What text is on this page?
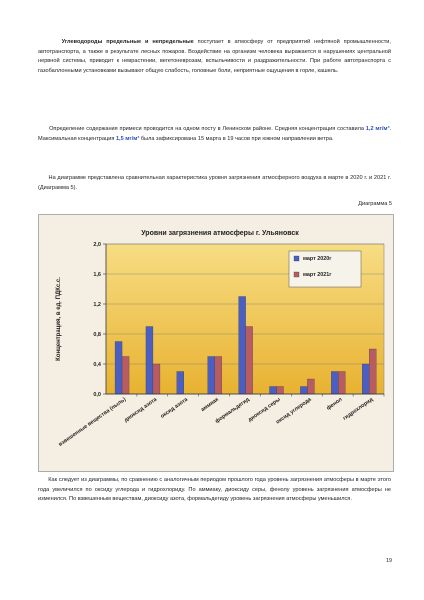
Углеводороды предельные и непредельные поступает в атмосферу от предприятий нефтяной промышленности, автотранспорта, а также в результате лесных пожаров. Воздействие на организм человека выражается в нарушениях центральной нервной системы, приводит к неврастении, вегетоневрозам, вспыльчивости и раздражительности. При работе автотранспорта с газобаллонными установками вызывают общую слабость, головные боли, неприятные ощущения в горле, кашель.
Определение содержания примеси проводится на одном посту в Ленинском районе. Средняя концентрация составила 1,2 мг/м³. Максимальная концентрация 1,5 мг/м³ была зафиксирована 15 марта в 19 часов при южном направлении ветра.
На диаграмме представлена сравнительная характеристика уровня загрязнения атмосферного воздуха в марте в 2020 г. и 2021 г. (Диаграмма 5).
Диаграмма 5
Уровни загрязнения атмосферы г. Ульяновск
0,0
0,4
0,8
1,2
1,6
2,0
взвешенные вещества (пыль)
диоксид азота оксид азота аммиак
формальдегид
диоксид серы
оксид углерода фенол
гидрохлорид
Концентрация, в ед. ПДКс.с.
март 2020г
март 2021г
Как следует из диаграммы, по сравнению с аналогичным периодом прошлого года уровень загрязнения атмосферы в марте этого года увеличился по оксиду углерода и гидрохлориду. По аммиаку, диоксиду серы, фенолу уровень загрязнения атмосферы не изменился. По взвешенным веществам, диоксиду азота, формальдегиду уровень загрязнения атмосферы уменьшился.
19
